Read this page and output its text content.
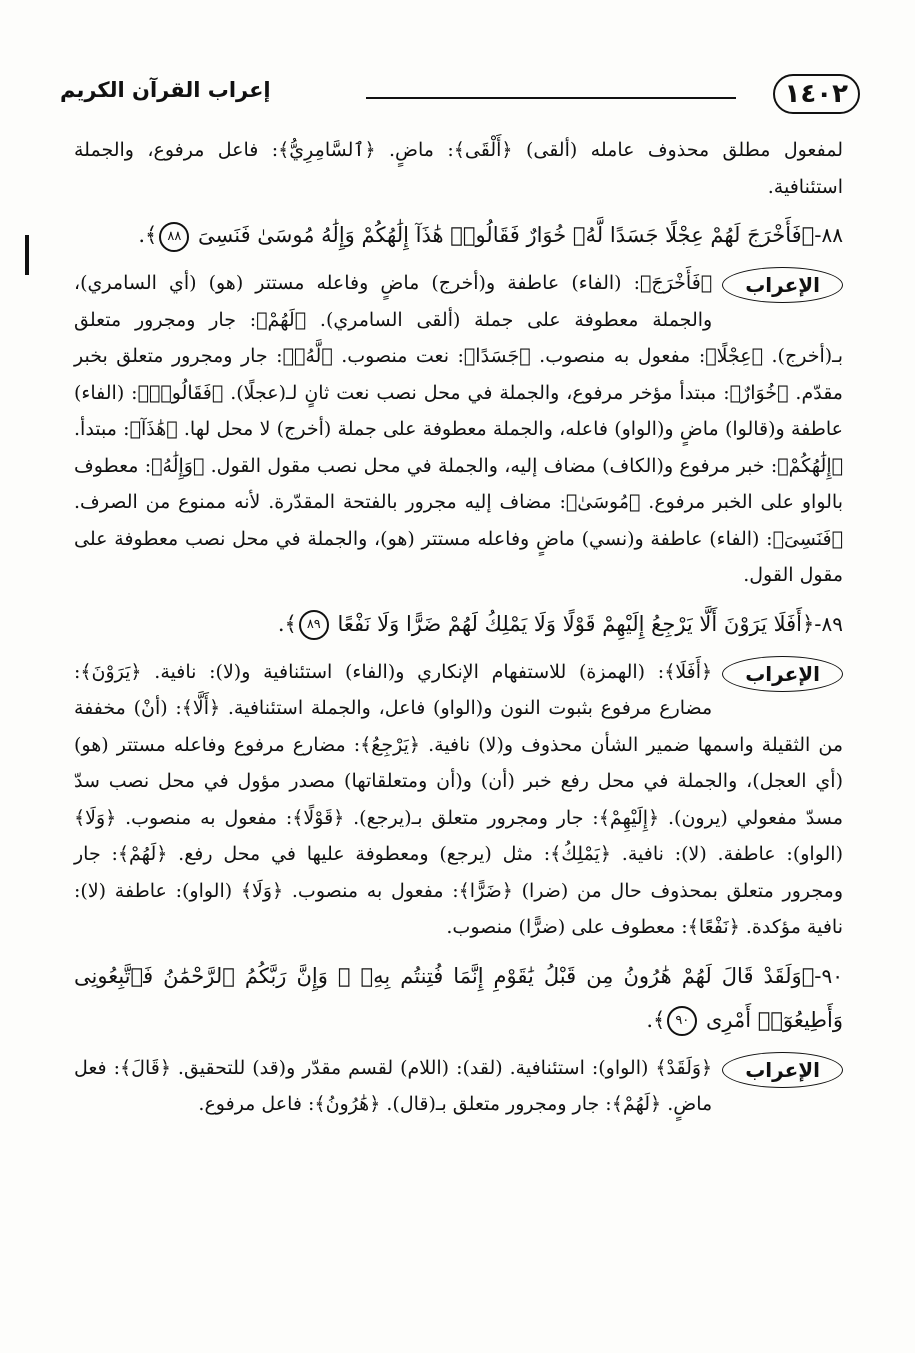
١٤٠٢
إعراب القرآن الكريم

لمفعول مطلق محذوف عامله (ألقى) ﴿أَلْقَى﴾: ماضٍ. ﴿ٱلسَّامِرِيُّ﴾: فاعل مرفوع، والجملة استئنافية.

٨٨-﴿فَأَخْرَجَ لَهُمْ عِجْلًا جَسَدًا لَّهُۥ خُوَارٌ فَقَالُوا۟ هَٰذَآ إِلَٰهُكُمْ وَإِلَٰهُ مُوسَىٰ فَنَسِىَ ٨٨﴾.

الإعراب
﴿فَأَخْرَجَ﴾: (الفاء) عاطفة و(أخرج) ماضٍ وفاعله مستتر (هو) (أي السامري)، والجملة معطوفة على جملة (ألقى السامري). ﴿لَهُمْ﴾: جار ومجرور متعلق بـ(أخرج). ﴿عِجْلًا﴾: مفعول به منصوب. ﴿جَسَدًا﴾: نعت منصوب. ﴿لَّهُۥ﴾: جار ومجرور متعلق بخبر مقدّم. ﴿خُوَارٌ﴾: مبتدأ مؤخر مرفوع، والجملة في محل نصب نعت ثانٍ لـ(عجلًا). ﴿فَقَالُوا۟﴾: (الفاء) عاطفة و(قالوا) ماضٍ و(الواو) فاعله، والجملة معطوفة على جملة (أخرج) لا محل لها. ﴿هَٰذَآ﴾: مبتدأ. ﴿إِلَٰهُكُمْ﴾: خبر مرفوع و(الكاف) مضاف إليه، والجملة في محل نصب مقول القول. ﴿وَإِلَٰهُ﴾: معطوف بالواو على الخبر مرفوع. ﴿مُوسَىٰ﴾: مضاف إليه مجرور بالفتحة المقدّرة. لأنه ممنوع من الصرف. ﴿فَنَسِىَ﴾: (الفاء) عاطفة و(نسي) ماضٍ وفاعله مستتر (هو)، والجملة في محل نصب معطوفة على مقول القول.

٨٩-﴿أَفَلَا يَرَوْنَ أَلَّا يَرْجِعُ إِلَيْهِمْ قَوْلًا وَلَا يَمْلِكُ لَهُمْ ضَرًّا وَلَا نَفْعًا ٨٩﴾.

الإعراب
﴿أَفَلَا﴾: (الهمزة) للاستفهام الإنكاري و(الفاء) استئنافية و(لا): نافية. ﴿يَرَوْنَ﴾: مضارع مرفوع بثبوت النون و(الواو) فاعل، والجملة استئنافية. ﴿أَلَّا﴾: (أنْ) مخففة من الثقيلة واسمها ضمير الشأن محذوف و(لا) نافية. ﴿يَرْجِعُ﴾: مضارع مرفوع وفاعله مستتر (هو) (أي العجل)، والجملة في محل رفع خبر (أن) و(أن ومتعلقاتها) مصدر مؤول في محل نصب سدّ مسدّ مفعولي (يرون). ﴿إِلَيْهِمْ﴾: جار ومجرور متعلق بـ(يرجع). ﴿قَوْلًا﴾: مفعول به منصوب. ﴿وَلَا﴾ (الواو): عاطفة. (لا): نافية. ﴿يَمْلِكُ﴾: مثل (يرجع) ومعطوفة عليها في محل رفع. ﴿لَهُمْ﴾: جار ومجرور متعلق بمحذوف حال من (ضرا) ﴿ضَرًّا﴾: مفعول به منصوب. ﴿وَلَا﴾ (الواو): عاطفة (لا): نافية مؤكدة. ﴿نَفْعًا﴾: معطوف على (ضرًّا) منصوب.

٩٠-﴿وَلَقَدْ قَالَ لَهُمْ هَٰرُونُ مِن قَبْلُ يَٰقَوْمِ إِنَّمَا فُتِنتُم بِهِۦ ۖ وَإِنَّ رَبَّكُمُ ٱلرَّحْمَٰنُ فَٱتَّبِعُونِى وَأَطِيعُوٓا۟ أَمْرِى ٩٠﴾.

الإعراب
﴿وَلَقَدْ﴾ (الواو): استئنافية. (لقد): (اللام) لقسم مقدّر و(قد) للتحقيق. ﴿قَالَ﴾: فعل ماضٍ. ﴿لَهُمْ﴾: جار ومجرور متعلق بـ(قال). ﴿هَٰرُونُ﴾: فاعل مرفوع.
